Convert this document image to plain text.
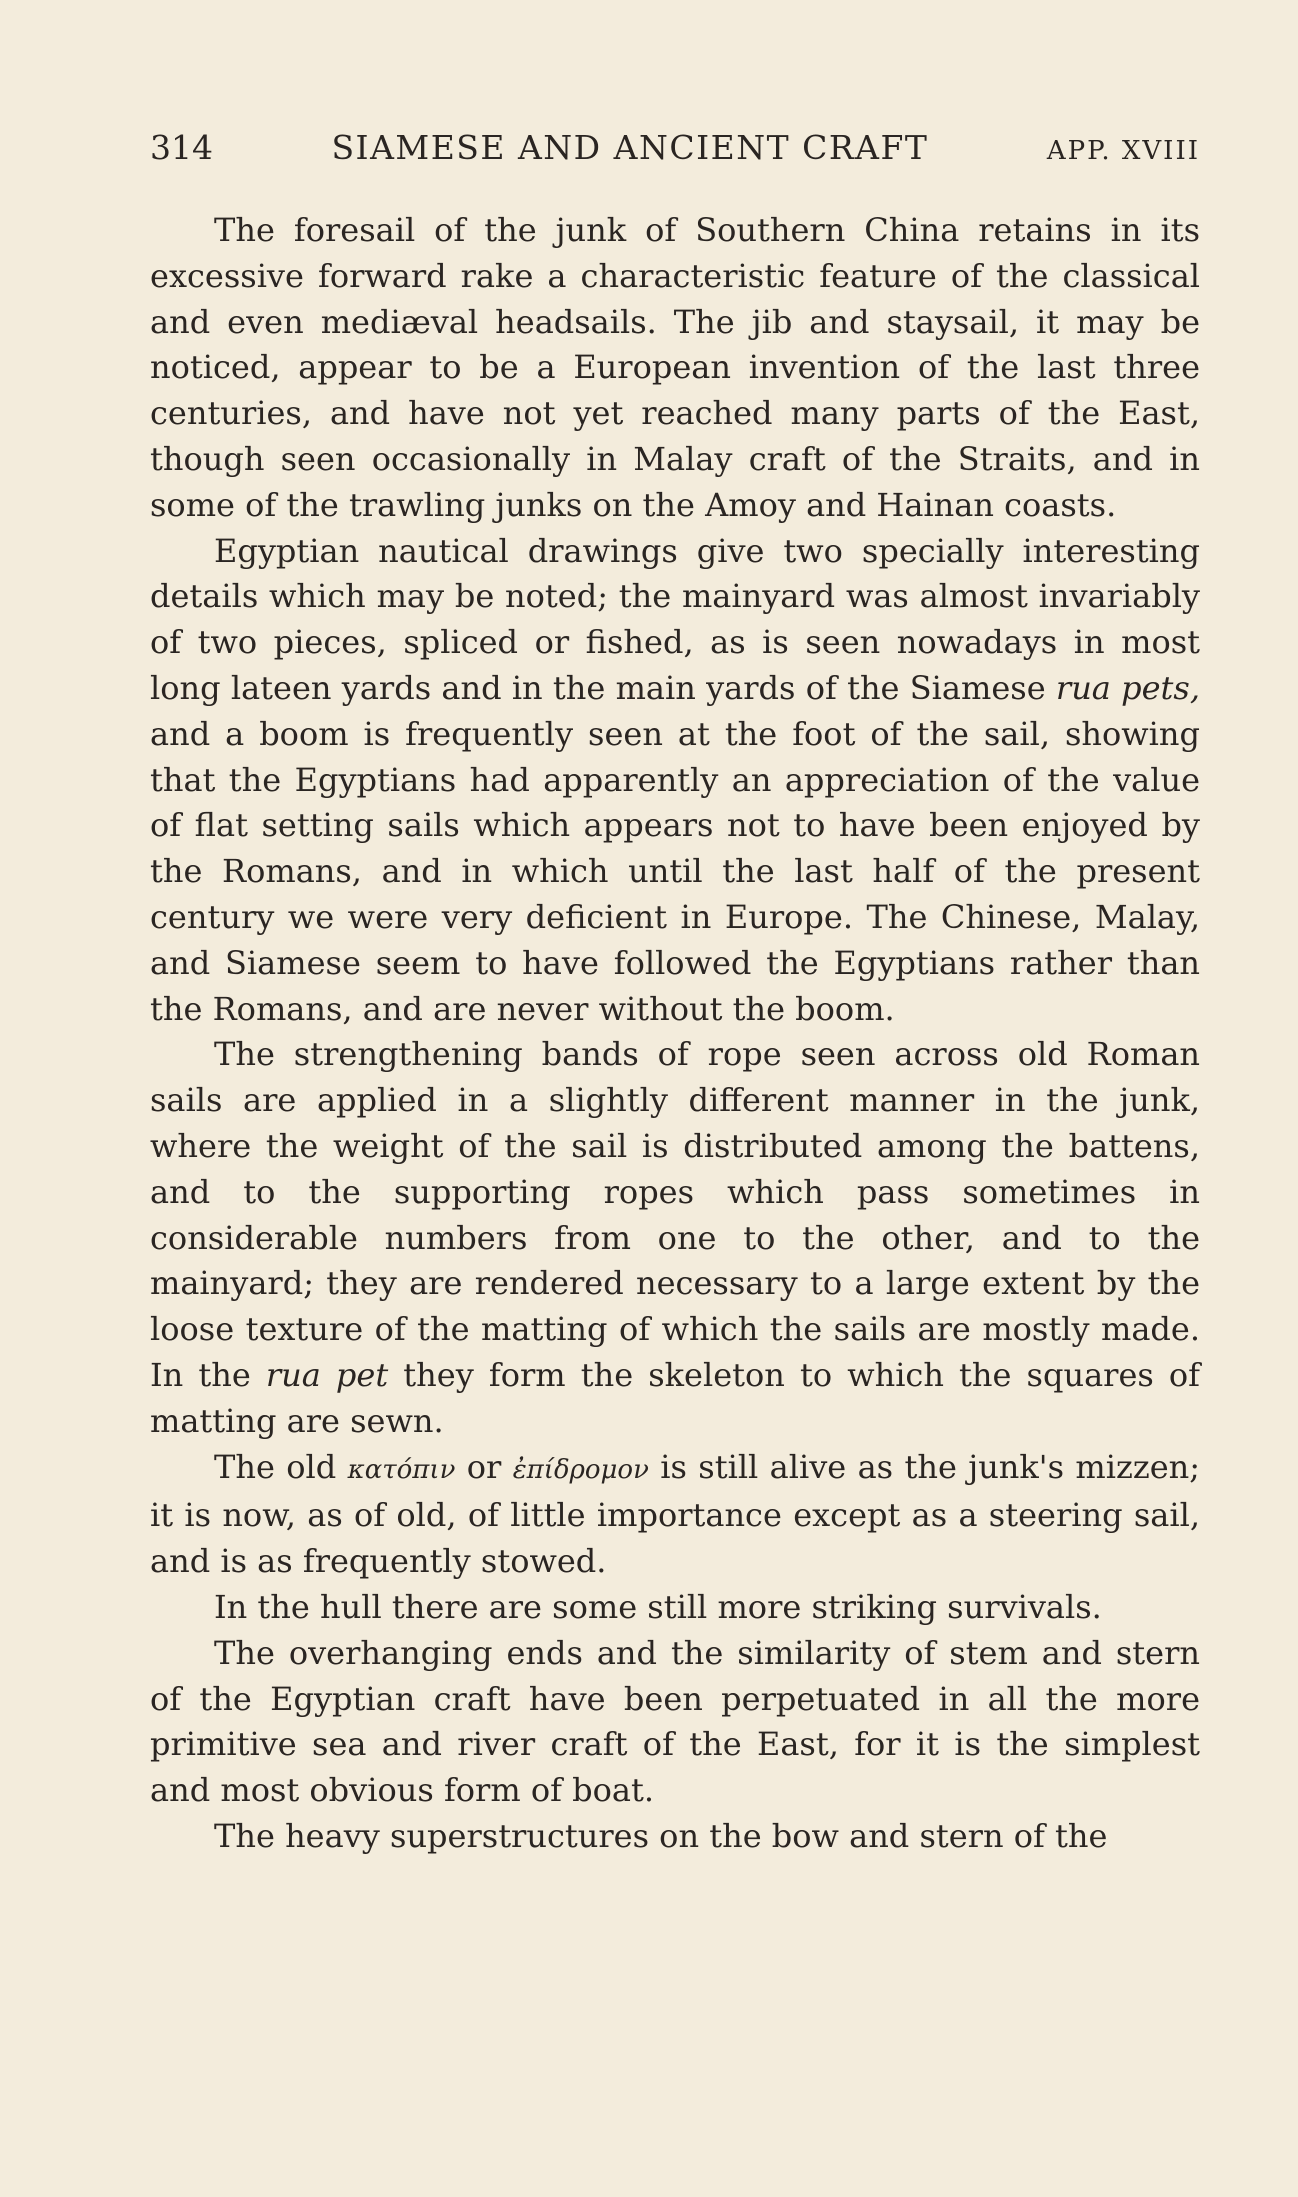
314	SIAMESE AND ANCIENT CRAFT	APP. XVIII

The foresail of the junk of Southern China retains in its excessive forward rake a characteristic feature of the classical and even mediæval headsails. The jib and staysail, it may be noticed, appear to be a European invention of the last three centuries, and have not yet reached many parts of the East, though seen occasionally in Malay craft of the Straits, and in some of the trawling junks on the Amoy and Hainan coasts.

Egyptian nautical drawings give two specially interesting details which may be noted; the mainyard was almost invariably of two pieces, spliced or fished, as is seen nowadays in most long lateen yards and in the main yards of the Siamese rua pets, and a boom is frequently seen at the foot of the sail, showing that the Egyptians had apparently an appreciation of the value of flat setting sails which appears not to have been enjoyed by the Romans, and in which until the last half of the present century we were very deficient in Europe. The Chinese, Malay, and Siamese seem to have followed the Egyptians rather than the Romans, and are never without the boom.

The strengthening bands of rope seen across old Roman sails are applied in a slightly different manner in the junk, where the weight of the sail is distributed among the battens, and to the supporting ropes which pass sometimes in considerable numbers from one to the other, and to the mainyard; they are rendered necessary to a large extent by the loose texture of the matting of which the sails are mostly made. In the rua pet they form the skeleton to which the squares of matting are sewn.

The old κατόπιν or ἐπίδρομον is still alive as the junk's mizzen; it is now, as of old, of little importance except as a steering sail, and is as frequently stowed.

In the hull there are some still more striking survivals.

The overhanging ends and the similarity of stem and stern of the Egyptian craft have been perpetuated in all the more primitive sea and river craft of the East, for it is the simplest and most obvious form of boat.

The heavy superstructures on the bow and stern of the
